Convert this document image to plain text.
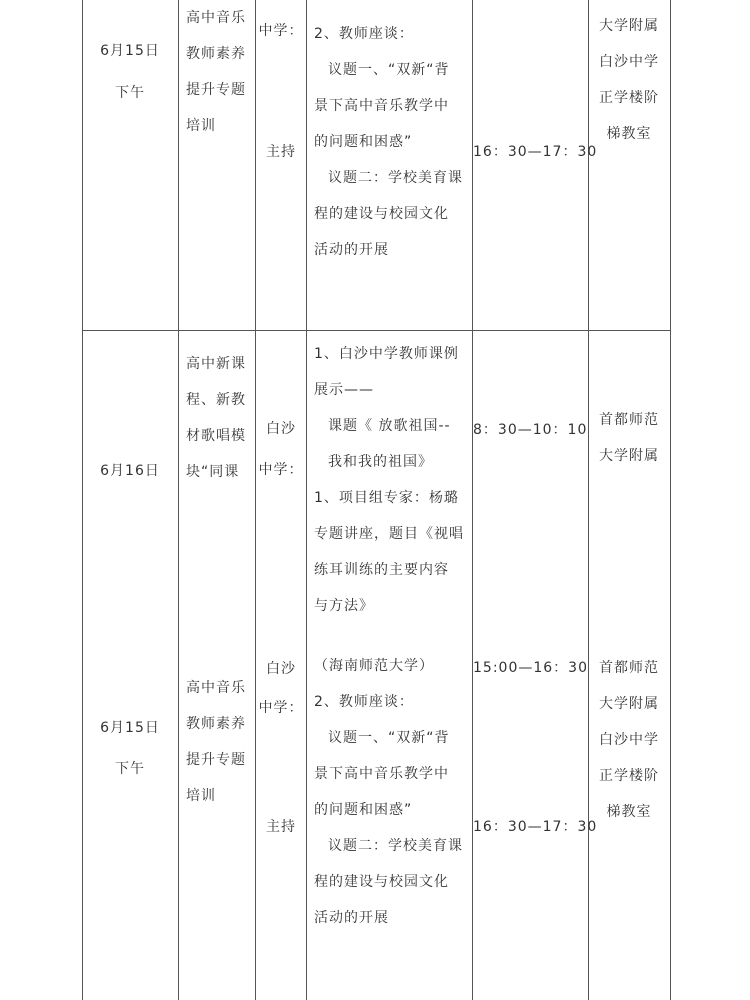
6月15日
下午
高中音乐
教师素养
提升专题
培训
中学：
主持
2、教师座谈：
议题一、“双新“背
景下高中音乐教学中
的问题和困惑”
议题二：学校美育课
程的建设与校园文化
活动的开展
16：30—17：30
大学附属
白沙中学
正学楼阶
梯教室
6月16日
高中新课
程、新教
材歌唱模
块“同课
白沙
中学：
1、白沙中学教师课例
展示——
课题《 放歌祖国--
我和我的祖国》
1、项目组专家：杨璐
专题讲座，题目《视唱
练耳训练的主要内容
与方法》
8：30—10：10
首都师范
大学附属
6月15日
下午
高中音乐
教师素养
提升专题
培训
白沙
中学：
主持
（海南师范大学）
2、教师座谈：
议题一、“双新“背
景下高中音乐教学中
的问题和困惑”
议题二：学校美育课
程的建设与校园文化
活动的开展
15:00—16：30
16：30—17：30
首都师范
大学附属
白沙中学
正学楼阶
梯教室
